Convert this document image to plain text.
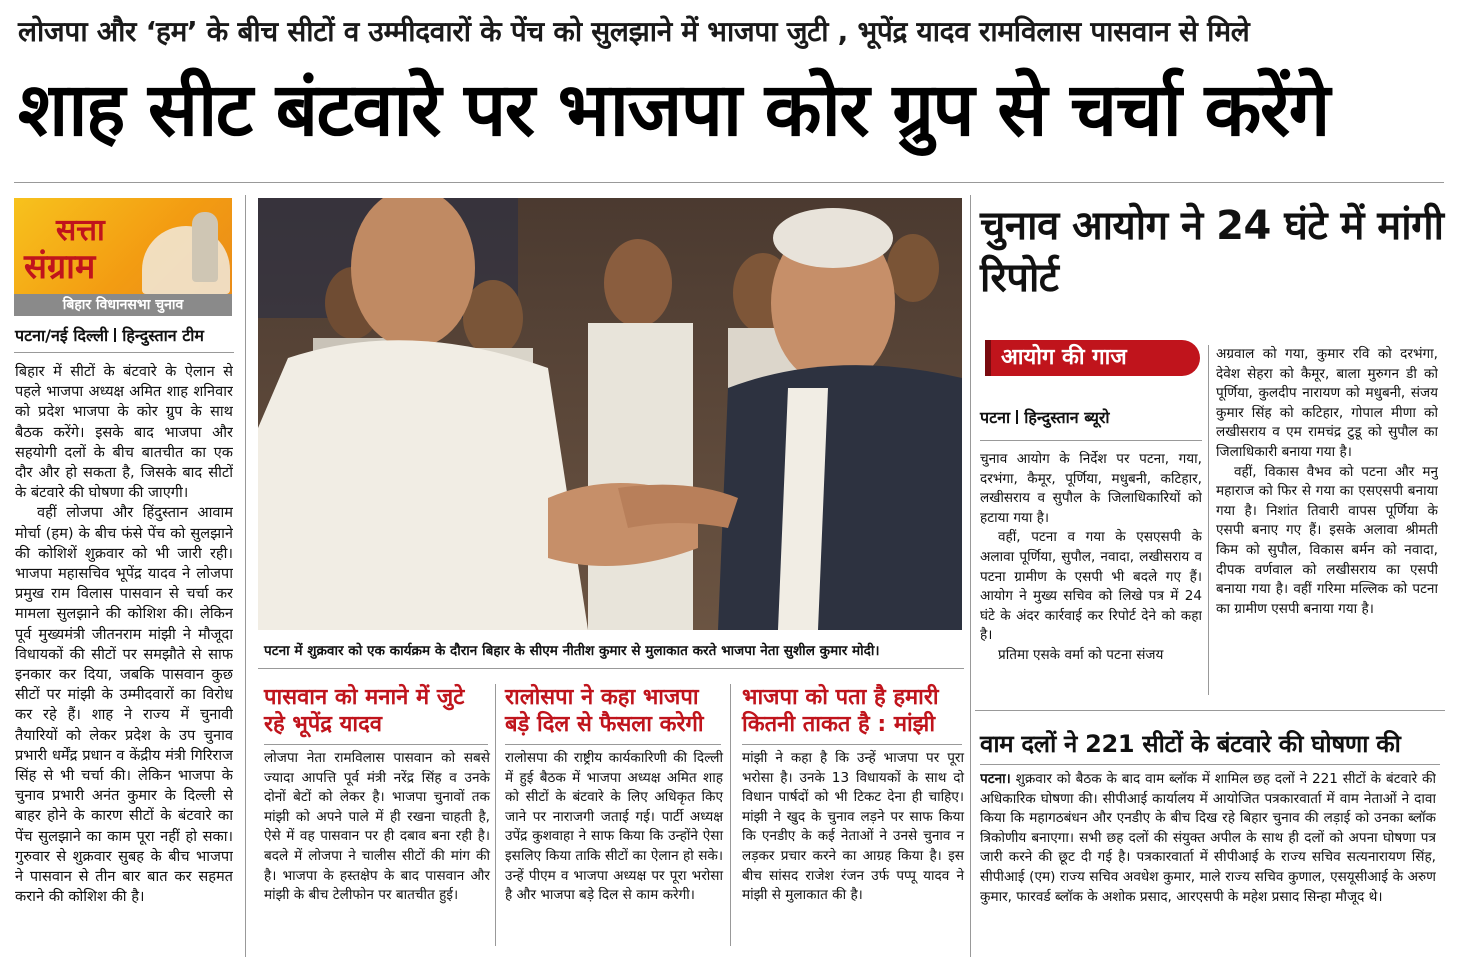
लोजपा और ‘हम’ के बीच सीटों व उम्मीदवारों के पेंच को सुलझाने में भाजपा जुटी , भूपेंद्र यादव रामविलास पासवान से मिले
शाह सीट बंटवारे पर भाजपा कोर ग्रुप से चर्चा करेंगे
सत्ता
संग्राम
बिहार विधानसभा चुनाव
पटना/नई दिल्ली हिन्दुस्तान टीम

बिहार में सीटों के बंटवारे के ऐलान से पहले भाजपा अध्यक्ष अमित शाह शनिवार को प्रदेश भाजपा के कोर ग्रुप के साथ बैठक करेंगे। इसके बाद भाजपा और सहयोगी दलों के बीच बातचीत का एक दौर और हो सकता है, जिसके बाद सीटों के बंटवारे की घोषणा की जाएगी।

वहीं लोजपा और हिंदुस्तान आवाम मोर्चा (हम) के बीच फंसे पेंच को सुलझाने की कोशिशें शुक्रवार को भी जारी रही। भाजपा महासचिव भूपेंद्र यादव ने लोजपा प्रमुख राम विलास पासवान से चर्चा कर मामला सुलझाने की कोशिश की। लेकिन पूर्व मुख्यमंत्री जीतनराम मांझी ने मौजूदा विधायकों की सीटों पर समझौते से साफ इनकार कर दिया, जबकि पासवान कुछ सीटों पर मांझी के उम्मीदवारों का विरोध कर रहे हैं। शाह ने राज्य में चुनावी तैयारियों को लेकर प्रदेश के उप चुनाव प्रभारी धर्मेंद्र प्रधान व केंद्रीय मंत्री गिरिराज सिंह से भी चर्चा की। लेकिन भाजपा के चुनाव प्रभारी अनंत कुमार के दिल्ली से बाहर होने के कारण सीटों के बंटवारे का पेंच सुलझाने का काम पूरा नहीं हो सका। गुरुवार से शुक्रवार सुबह के बीच भाजपा ने पासवान से तीन बार बात कर सहमत कराने की कोशिश की है।

पटना में शुक्रवार को एक कार्यक्रम के दौरान बिहार के सीएम नीतीश कुमार से मुलाकात करते भाजपा नेता सुशील कुमार मोदी।
पासवान को मनाने में जुटे रहे भूपेंद्र यादव

लोजपा नेता रामविलास पासवान को सबसे ज्यादा आपत्ति पूर्व मंत्री नरेंद्र सिंह व उनके दोनों बेटों को लेकर है। भाजपा चुनावों तक मांझी को अपने पाले में ही रखना चाहती है, ऐसे में वह पासवान पर ही दबाव बना रही है। बदले में लोजपा ने चालीस सीटों की मांग की है। भाजपा के हस्तक्षेप के बाद पासवान और मांझी के बीच टेलीफोन पर बातचीत हुई।

रालोसपा ने कहा भाजपा बड़े दिल से फैसला करेगी

रालोसपा की राष्ट्रीय कार्यकारिणी की दिल्ली में हुई बैठक में भाजपा अध्यक्ष अमित शाह को सीटों के बंटवारे के लिए अधिकृत किए जाने पर नाराजगी जताई गई। पार्टी अध्यक्ष उपेंद्र कुशवाहा ने साफ किया कि उन्होंने ऐसा इसलिए किया ताकि सीटों का ऐलान हो सके। उन्हें पीएम व भाजपा अध्यक्ष पर पूरा भरोसा है और भाजपा बड़े दिल से काम करेगी।

भाजपा को पता है हमारी कितनी ताकत है : मांझी

मांझी ने कहा है कि उन्हें भाजपा पर पूरा भरोसा है। उनके 13 विधायकों के साथ दो विधान पार्षदों को भी टिकट देना ही चाहिए। मांझी ने खुद के चुनाव लड़ने पर साफ किया कि एनडीए के कई नेताओं ने उनसे चुनाव न लड़कर प्रचार करने का आग्रह किया है। इस बीच सांसद राजेश रंजन उर्फ पप्पू यादव ने मांझी से मुलाकात की है।

चुनाव आयोग ने 24 घंटे में मांगी रिपोर्ट
आयोग की गाज
पटना हिन्दुस्तान ब्यूरो

चुनाव आयोग के निर्देश पर पटना, गया, दरभंगा, कैमूर, पूर्णिया, मधुबनी, कटिहार, लखीसराय व सुपौल के जिलाधिकारियों को हटाया गया है।

वहीं, पटना व गया के एसएसपी के अलावा पूर्णिया, सुपौल, नवादा, लखीसराय व पटना ग्रामीण के एसपी भी बदले गए हैं। आयोग ने मुख्य सचिव को लिखे पत्र में 24 घंटे के अंदर कार्रवाई कर रिपोर्ट देने को कहा है।

प्रतिमा एसके वर्मा को पटना संजय

अग्रवाल को गया, कुमार रवि को दरभंगा, देवेश सेहरा को कैमूर, बाला मुरुगन डी को पूर्णिया, कुलदीप नारायण को मधुबनी, संजय कुमार सिंह को कटिहार, गोपाल मीणा को लखीसराय व एम रामचंद्र टुडू को सुपौल का जिलाधिकारी बनाया गया है।

वहीं, विकास वैभव को पटना और मनु महाराज को फिर से गया का एसएसपी बनाया गया है। निशांत तिवारी वापस पूर्णिया के एसपी बनाए गए हैं। इसके अलावा श्रीमती किम को सुपौल, विकास बर्मन को नवादा, दीपक वर्णवाल को लखीसराय का एसपी बनाया गया है। वहीं गरिमा मल्लिक को पटना का ग्रामीण एसपी बनाया गया है।

वाम दलों ने 221 सीटों के बंटवारे की घोषणा की

पटना। शुक्रवार को बैठक के बाद वाम ब्लॉक में शामिल छह दलों ने 221 सीटों के बंटवारे की अधिकारिक घोषणा की। सीपीआई कार्यालय में आयोजित पत्रकारवार्ता में वाम नेताओं ने दावा किया कि महागठबंधन और एनडीए के बीच दिख रहे बिहार चुनाव की लड़ाई को उनका ब्लॉक त्रिकोणीय बनाएगा। सभी छह दलों की संयुक्त अपील के साथ ही दलों को अपना घोषणा पत्र जारी करने की छूट दी गई है। पत्रकारवार्ता में सीपीआई के राज्य सचिव सत्यनारायण सिंह, सीपीआई (एम) राज्य सचिव अवधेश कुमार, माले राज्य सचिव कुणाल, एसयूसीआई के अरुण कुमार, फारवर्ड ब्लॉक के अशोक प्रसाद, आरएसपी के महेश प्रसाद सिन्हा मौजूद थे।
